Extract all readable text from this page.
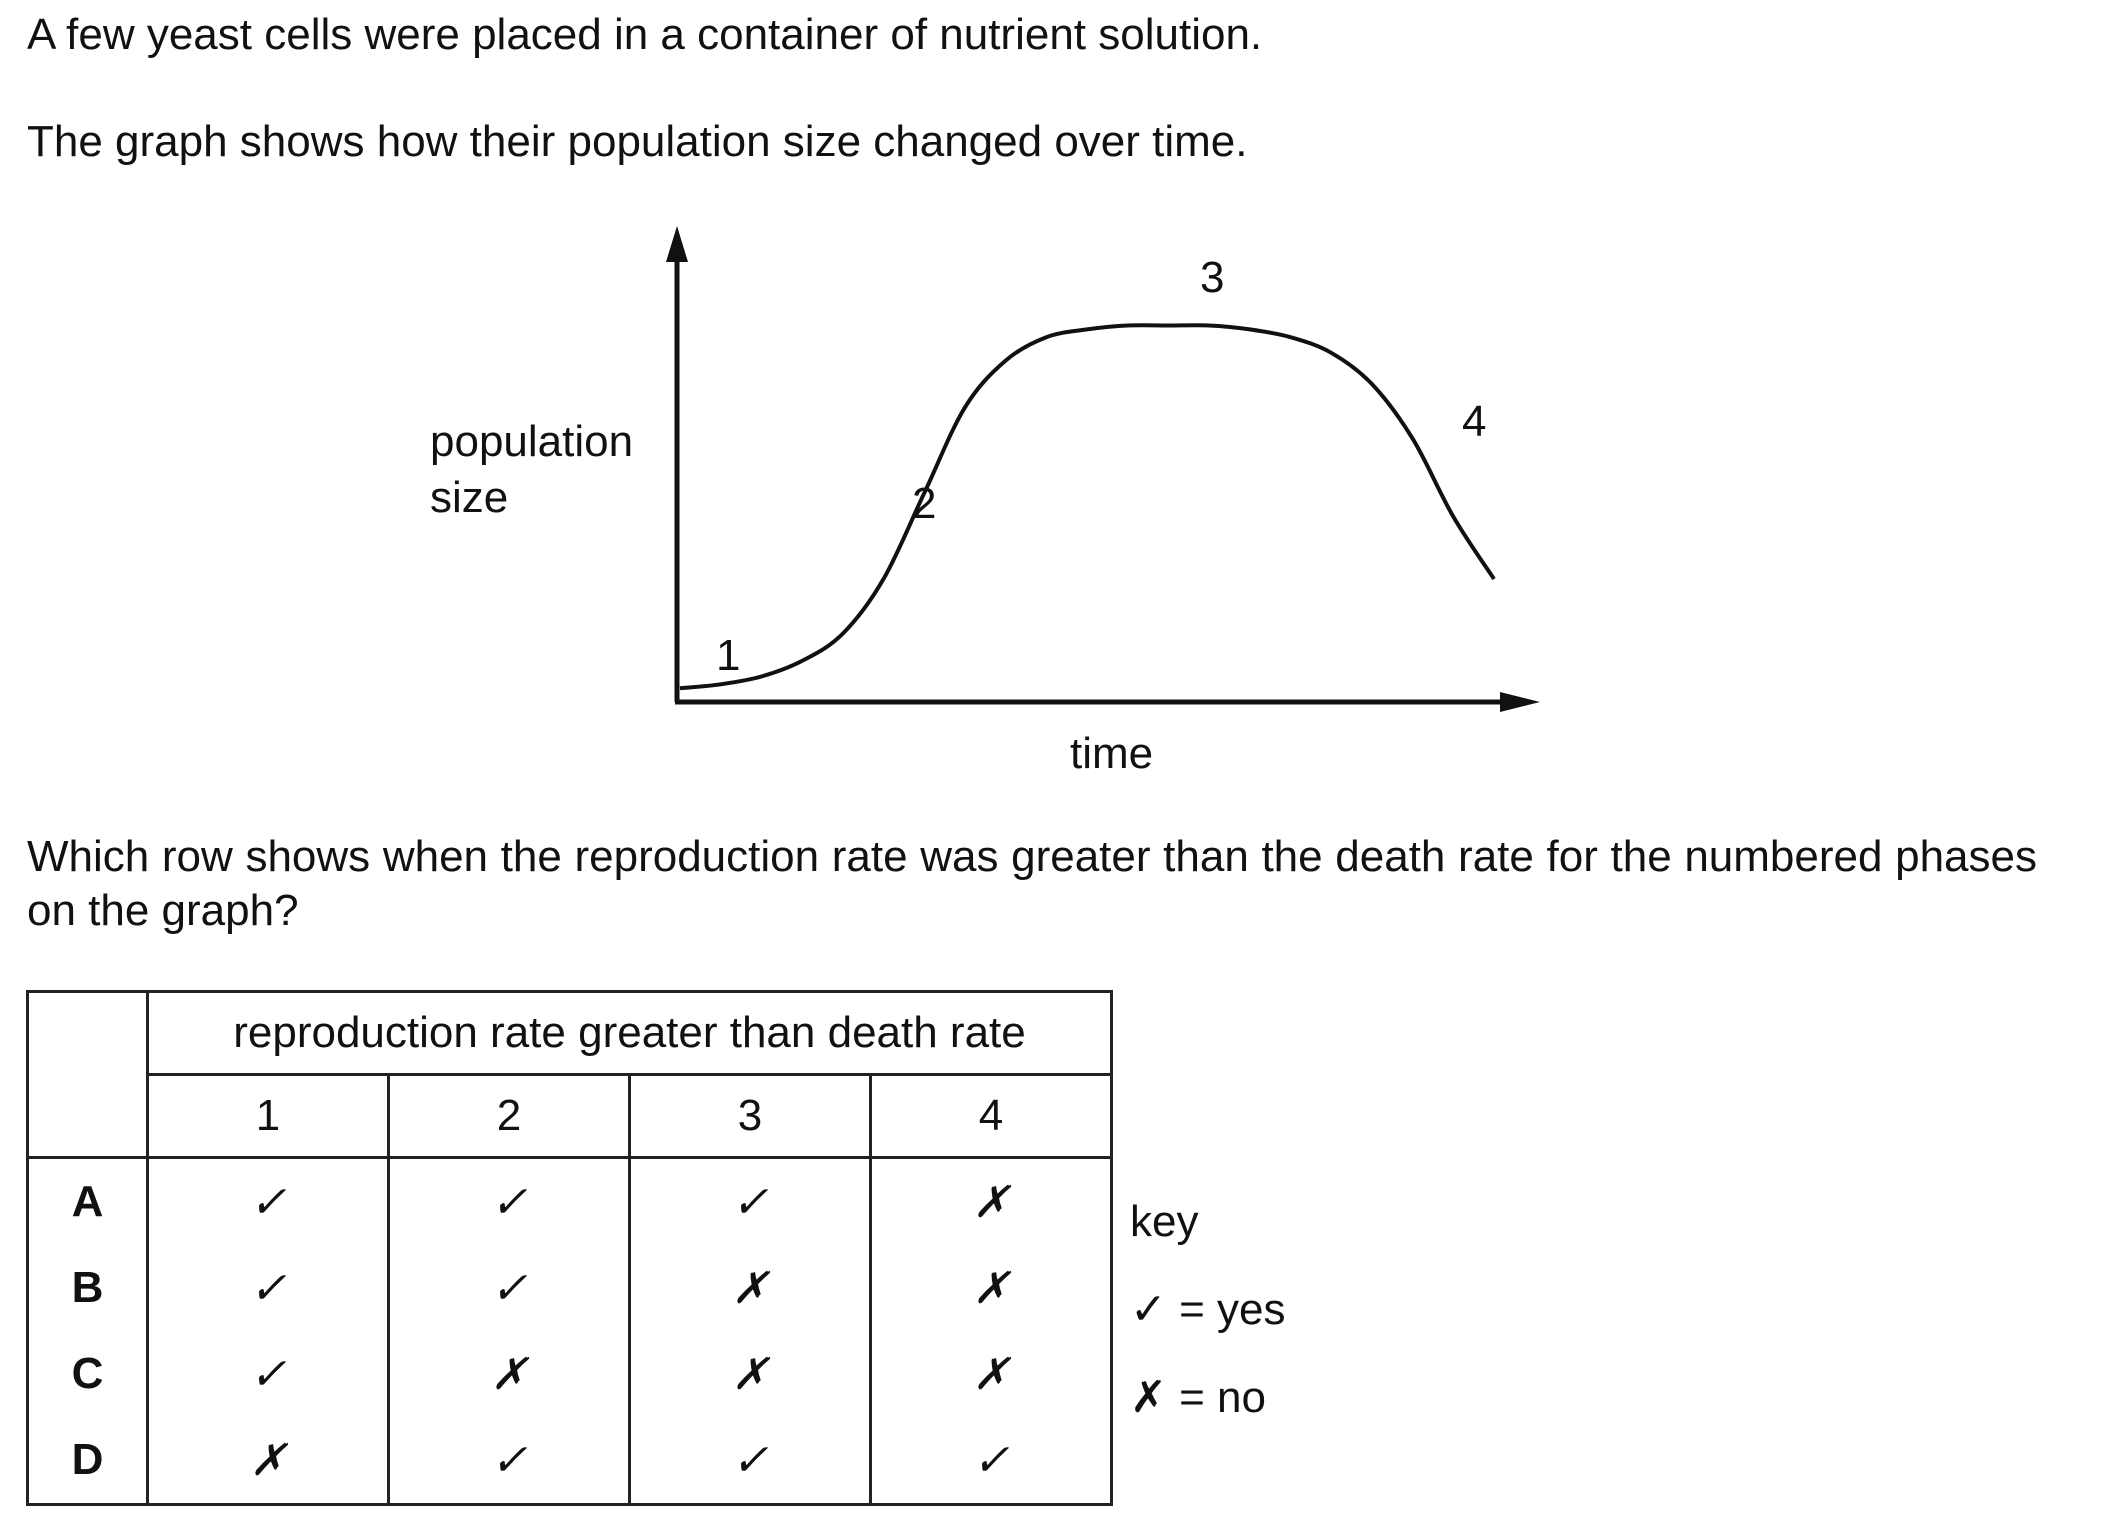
A few yeast cells were placed in a container of nutrient solution.

The graph shows how their population size changed over time.

1
2
3
4
population
size
time

Which row shows when the reproduction rate was greater than the death rate for the numbered phases on the graph?

	reproduction rate greater than death rate			
	1	2	3	4
A	✓	✓	✓	✗
B	✓	✓	✗	✗
C	✓	✗	✗	✗
D	✗	✓	✓	✓
key
✓ = yes
✗ = no
